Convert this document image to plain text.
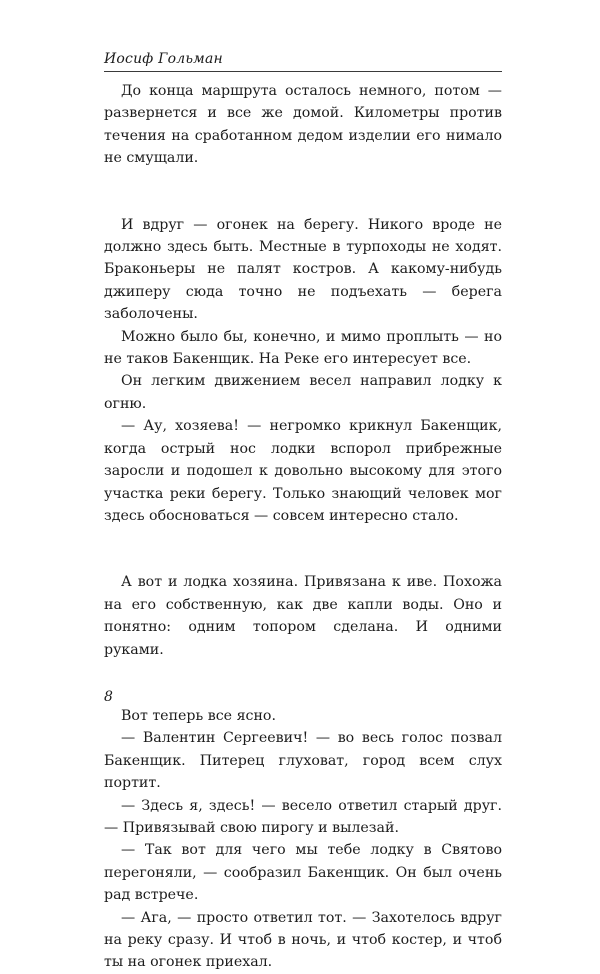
Иосиф Гольман

До конца маршрута осталось немного, потом — развернется и все же домой. Километры против течения на сработанном дедом изделии его нимало не смущали.

И вдруг — огонек на берегу. Никого вроде не должно здесь быть. Местные в турпоходы не ходят. Браконьеры не палят костров. А какому-нибудь джиперу сюда точно не подъехать — берега заболочены.

Можно было бы, конечно, и мимо проплыть — но не таков Бакенщик. На Реке его интересует все.

Он легким движением весел направил лодку к огню.

— Ау, хозяева! — негромко крикнул Бакенщик, когда острый нос лодки вспорол прибрежные заросли и подошел к довольно высокому для этого участка реки берегу. Только знающий человек мог здесь обосноваться — совсем интересно стало.

А вот и лодка хозяина. Привязана к иве. Похожа на его собственную, как две капли воды. Оно и понятно: одним топором сделана. И одними руками.

Вот теперь все ясно.

— Валентин Сергеевич! — во весь голос позвал Бакенщик. Питерец глуховат, город всем слух портит.

— Здесь я, здесь! — весело ответил старый друг. — Привязывай свою пирогу и вылезай.

— Так вот для чего мы тебе лодку в Святово перегоняли, — сообразил Бакенщик. Он был очень рад встрече.

— Ага, — просто ответил тот. — Захотелось вдруг на реку сразу. И чтоб в ночь, и чтоб костер, и чтоб ты на огонек приехал.

8
